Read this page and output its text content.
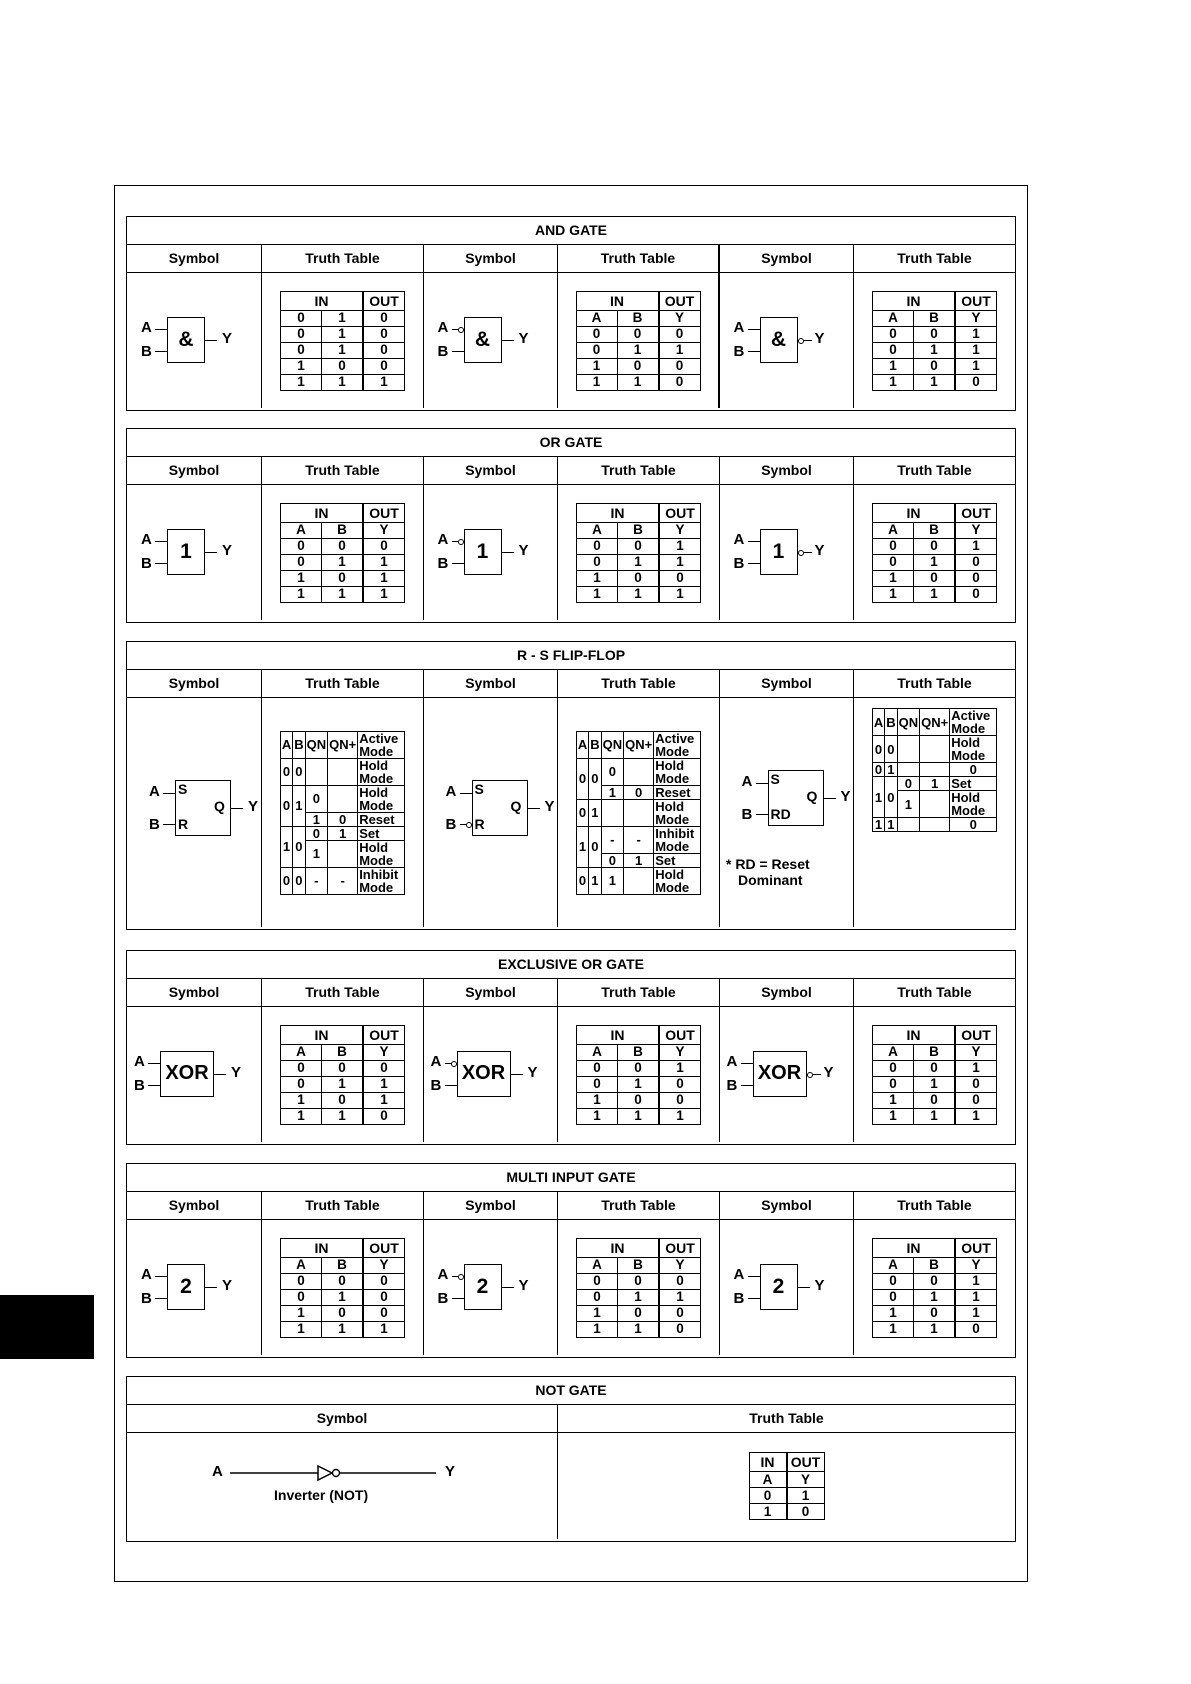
AND GATE
Symbol	Truth Table	Symbol	Truth Table	Symbol	Truth Table
&
A
B
Y
IN		OUT
0	1	0
0	1	0
0	1	0
1	0	0
1	1	1
&
A
B
Y
IN		OUT
A	B	Y
0	0	0
0	1	1
1	0	0
1	1	0
&
A
B
Y
IN		OUT
A	B	Y
0	0	1
0	1	1
1	0	1
1	1	0
OR GATE
Symbol	Truth Table	Symbol	Truth Table	Symbol	Truth Table
1
A
B
Y
IN		OUT
A	B	Y
0	0	0
0	1	1
1	0	1
1	1	1
1
A
B
Y
IN		OUT
A	B	Y
0	0	1
0	1	1
1	0	0
1	1	1
1
A
B
Y
IN		OUT
A	B	Y
0	0	1
0	1	0
1	0	0
1	1	0
R - S FLIP-FLOP
Symbol	Truth Table	Symbol	Truth Table	Symbol	Truth Table
S
R
Q
A
B
Y
A	B	QN	QN+	Active Mode
0	0			Hold Mode
0	1	0		Hold Mode
		1	0	Reset
1	0	0	1	Set
		1		Hold Mode
0	0	-	-	Inhibit Mode
S
R
Q
A
B
Y
A	B	QN	QN+	Active Mode
0	0	0		Hold Mode
		1	0	Reset
0	1			Hold Mode
1	0	-	-	Inhibit Mode
		0	1	Set
0	1	1		Hold Mode
S
RD
Q
A
B
Y
* RD = Reset
Dominant
A	B	QN	QN+	Active Mode
0	0			Hold Mode
0	1			0
1	0	0	1	Set
		1		Hold Mode
1	1			0
EXCLUSIVE OR GATE
Symbol	Truth Table	Symbol	Truth Table	Symbol	Truth Table
XOR
A
B
Y
IN		OUT
A	B	Y
0	0	0
0	1	1
1	0	1
1	1	0
XOR
A
B
Y
IN		OUT
A	B	Y
0	0	1
0	1	0
1	0	0
1	1	1
XOR
A
B
Y
IN		OUT
A	B	Y
0	0	1
0	1	0
1	0	0
1	1	1
MULTI INPUT GATE
Symbol	Truth Table	Symbol	Truth Table	Symbol	Truth Table
2
A
B
Y
IN		OUT
A	B	Y
0	0	0
0	1	0
1	0	0
1	1	1
2
A
B
Y
IN		OUT
A	B	Y
0	0	0
0	1	1
1	0	0
1	1	0
2
A
B
Y
IN		OUT
A	B	Y
0	0	1
0	1	1
1	0	1
1	1	0
NOT GATE
Symbol	Truth Table
A	Y
Inverter (NOT)
IN	OUT
A	Y
0	1
1	0
